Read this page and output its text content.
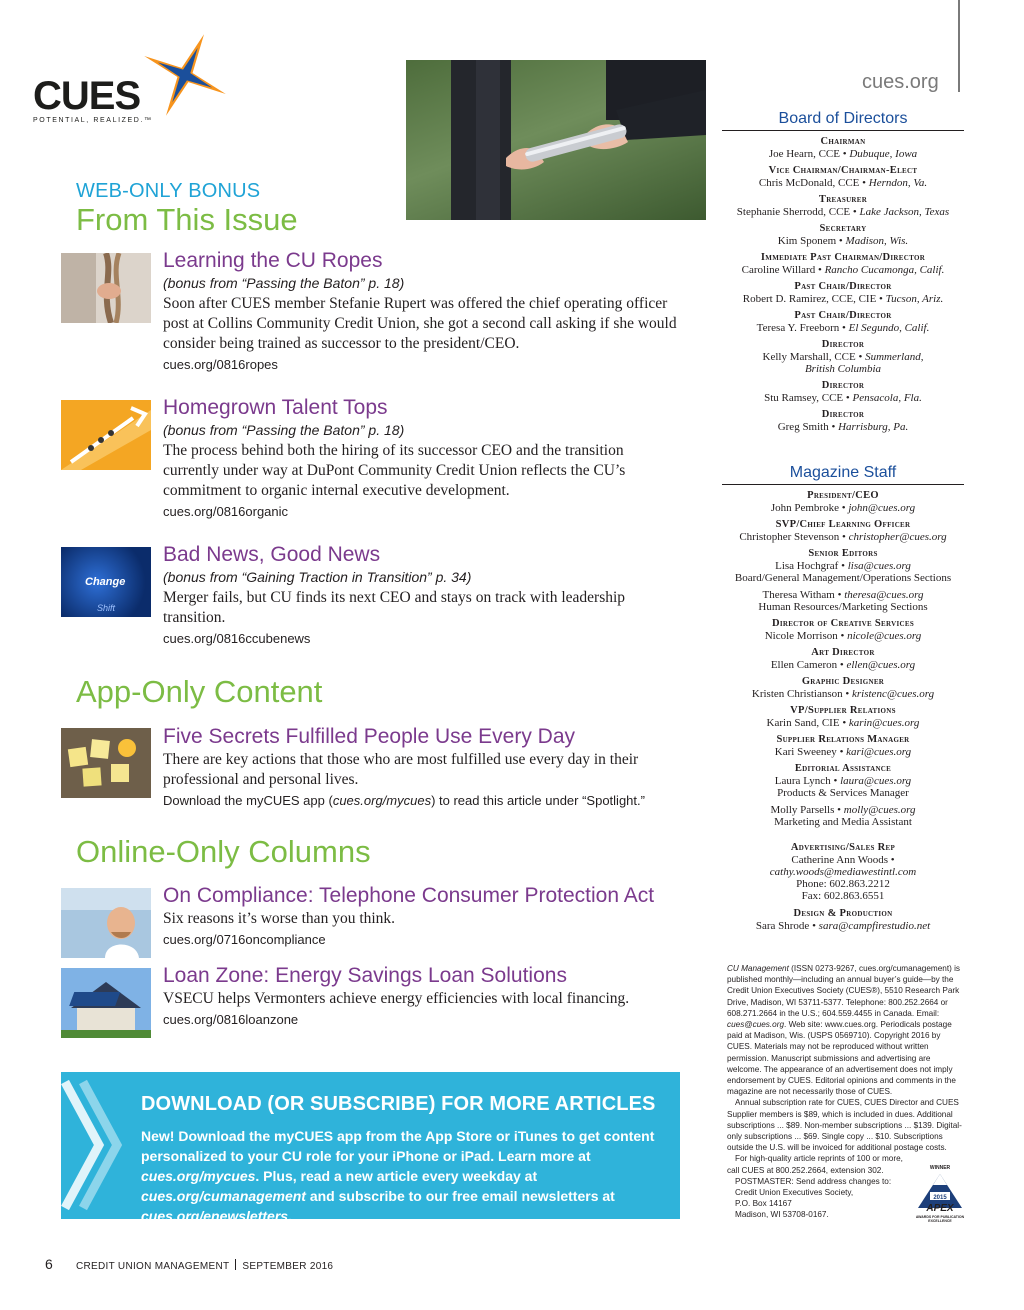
CUES
POTENTIAL, REALIZED.™
cues.org
WEB-ONLY BONUS
From This Issue
Learning the CU Ropes
(bonus from “Passing the Baton” p. 18)
Soon after CUES member Stefanie Rupert was offered the chief operating officer post at Collins Community Credit Union, she got a second call asking if she would consider being trained as successor to the president/CEO.
cues.org/0816ropes
Homegrown Talent Tops
(bonus from “Passing the Baton” p. 18)
The process behind both the hiring of its successor CEO and the transition currently under way at DuPont Community Credit Union reflects the CU’s commitment to organic internal executive development.
cues.org/0816organic
Change
Shift
Bad News, Good News
(bonus from “Gaining Traction in Transition” p. 34)
Merger fails, but CU finds its next CEO and stays on track with leadership transition.
cues.org/0816ccubenews
App-Only Content
Five Secrets Fulfilled People Use Every Day
There are key actions that those who are most fulfilled use every day in their professional and personal lives.
Download the myCUES app (cues.org/mycues) to read this article under “Spotlight.”
Online-Only Columns
On Compliance: Telephone Consumer Protection Act
Six reasons it’s worse than you think.
cues.org/0716oncompliance
Loan Zone: Energy Savings Loan Solutions
VSECU helps Vermonters achieve energy efficiencies with local financing.
cues.org/0816loanzone
DOWNLOAD (OR SUBSCRIBE) FOR MORE ARTICLES
New! Download the myCUES app from the App Store or iTunes to get content personalized to your CU role for your iPhone or iPad. Learn more at cues.org/mycues. Plus, read a new article every weekday at cues.org/cumanagement and subscribe to our free email newsletters at cues.org/enewsletters.
6 CREDIT UNION MANAGEMENT SEPTEMBER 2016
Board of Directors
Chairman
Joe Hearn, CCE • Dubuque, Iowa
Vice Chairman/Chairman-Elect
Chris McDonald, CCE • Herndon, Va.
Treasurer
Stephanie Sherrodd, CCE • Lake Jackson, Texas
Secretary
Kim Sponem • Madison, Wis.
Immediate Past Chairman/Director
Caroline Willard • Rancho Cucamonga, Calif.
Past Chair/Director
Robert D. Ramirez, CCE, CIE • Tucson, Ariz.
Past Chair/Director
Teresa Y. Freeborn • El Segundo, Calif.
Director
Kelly Marshall, CCE • Summerland,
British Columbia
Director
Stu Ramsey, CCE • Pensacola, Fla.
Director
Greg Smith • Harrisburg, Pa.
Magazine Staff
President/CEO
John Pembroke • john@cues.org
SVP/Chief Learning Officer
Christopher Stevenson • christopher@cues.org
Senior Editors
Lisa Hochgraf • lisa@cues.org
Board/General Management/Operations Sections
Theresa Witham • theresa@cues.org
Human Resources/Marketing Sections
Director of Creative Services
Nicole Morrison • nicole@cues.org
Art Director
Ellen Cameron • ellen@cues.org
Graphic Designer
Kristen Christianson • kristenc@cues.org
VP/Supplier Relations
Karin Sand, CIE • karin@cues.org
Supplier Relations Manager
Kari Sweeney • kari@cues.org
Editorial Assistance
Laura Lynch • laura@cues.org
Products & Services Manager
Molly Parsells • molly@cues.org
Marketing and Media Assistant
Advertising/Sales Rep
Catherine Ann Woods •
cathy.woods@mediawestintl.com
Phone: 602.863.2212
Fax: 602.863.6551
Design & Production
Sara Shrode • sara@campfirestudio.net

CU Management (ISSN 0273-9267, cues.org/cumanagement) is published monthly—including an annual buyer’s guide—by the Credit Union Executives Society (CUES®), 5510 Research Park Drive, Madison, WI 53711-5377. Telephone: 800.252.2664 or 608.271.2664 in the U.S.; 604.559.4455 in Canada. Email: cues@cues.org. Web site: www.cues.org. Periodicals postage paid at Madison, Wis. (USPS 0569710). Copyright 2016 by CUES. Materials may not be reproduced without written permission. Manuscript submissions and advertising are welcome. The appearance of an advertisement does not imply endorsement by CUES. Editorial opinions and comments in the magazine are not necessarily those of CUES.

Annual subscription rate for CUES, CUES Director and CUES Supplier members is $89, which is included in dues. Additional subscriptions ... $89. Non-member subscriptions ... $139. Digital-only subscriptions ... $69. Single copy ... $10. Subscriptions outside the U.S. will be invoiced for additional postage costs.

For high-quality article reprints of 100 or more, call CUES at 800.252.2664, extension 302.

POSTMASTER: Send address changes to:

Credit Union Executives Society,

P.O. Box 14167

Madison, WI 53708-0167.

WINNER
2015
APEX
AWARDS FOR PUBLICATION EXCELLENCE
